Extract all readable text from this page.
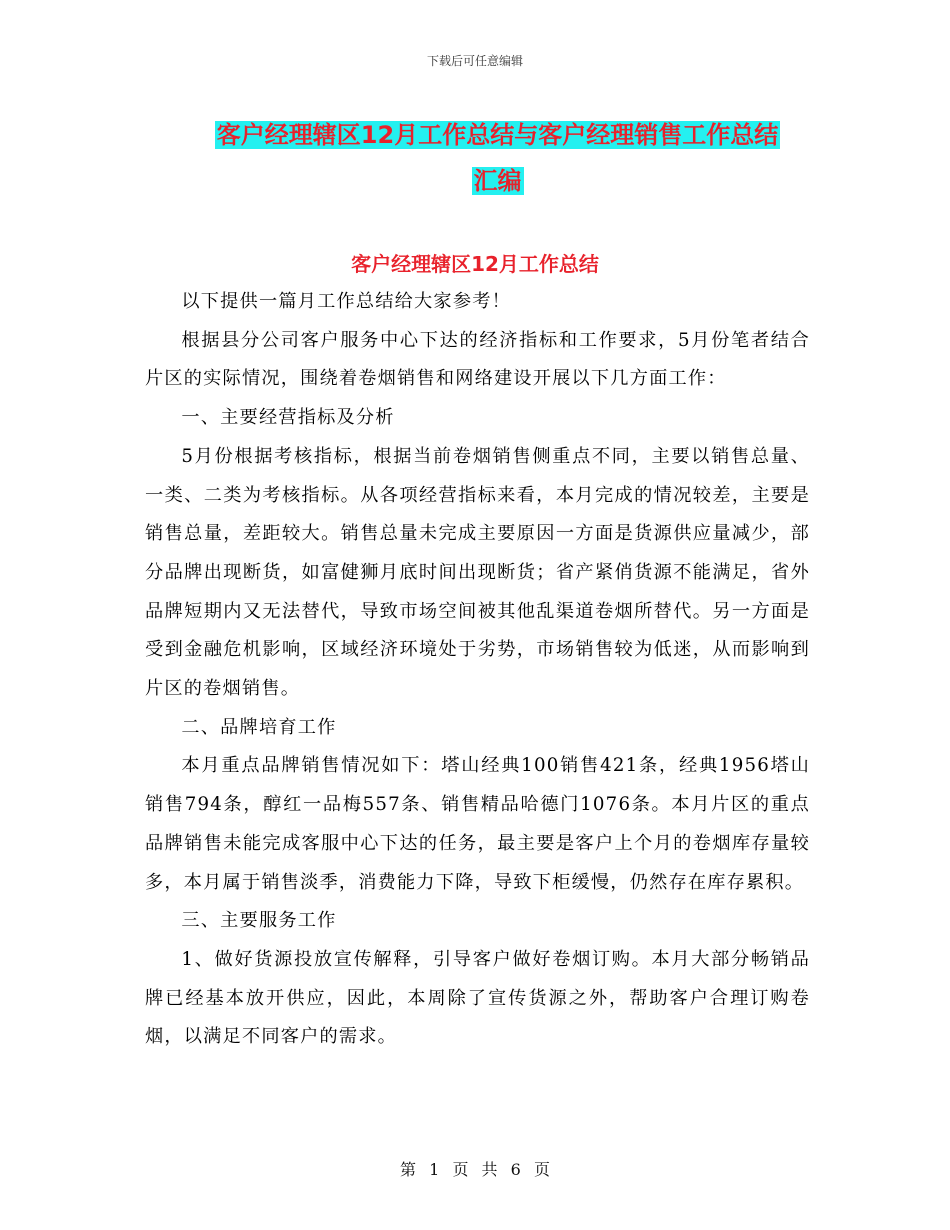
下载后可任意编辑
客户经理辖区12月工作总结与客户经理销售工作总结
汇编
客户经理辖区12月工作总结

以下提供一篇月工作总结给大家参考！

根据县分公司客户服务中心下达的经济指标和工作要求，5月份笔者结合片区的实际情况，围绕着卷烟销售和网络建设开展以下几方面工作：

一、主要经营指标及分析

5月份根据考核指标，根据当前卷烟销售侧重点不同，主要以销售总量、一类、二类为考核指标。从各项经营指标来看，本月完成的情况较差，主要是销售总量，差距较大。销售总量未完成主要原因一方面是货源供应量减少，部分品牌出现断货，如富健狮月底时间出现断货；省产紧俏货源不能满足，省外品牌短期内又无法替代，导致市场空间被其他乱渠道卷烟所替代。另一方面是受到金融危机影响，区域经济环境处于劣势，市场销售较为低迷，从而影响到片区的卷烟销售。

二、品牌培育工作

本月重点品牌销售情况如下：塔山经典100销售421条，经典1956塔山销售794条，醇红一品梅557条、销售精品哈德门1076条。本月片区的重点品牌销售未能完成客服中心下达的任务，最主要是客户上个月的卷烟库存量较多，本月属于销售淡季，消费能力下降，导致下柜缓慢，仍然存在库存累积。

三、主要服务工作

1、做好货源投放宣传解释，引导客户做好卷烟订购。本月大部分畅销品牌已经基本放开供应，因此，本周除了宣传货源之外，帮助客户合理订购卷烟，以满足不同客户的需求。

第 1 页 共 6 页
